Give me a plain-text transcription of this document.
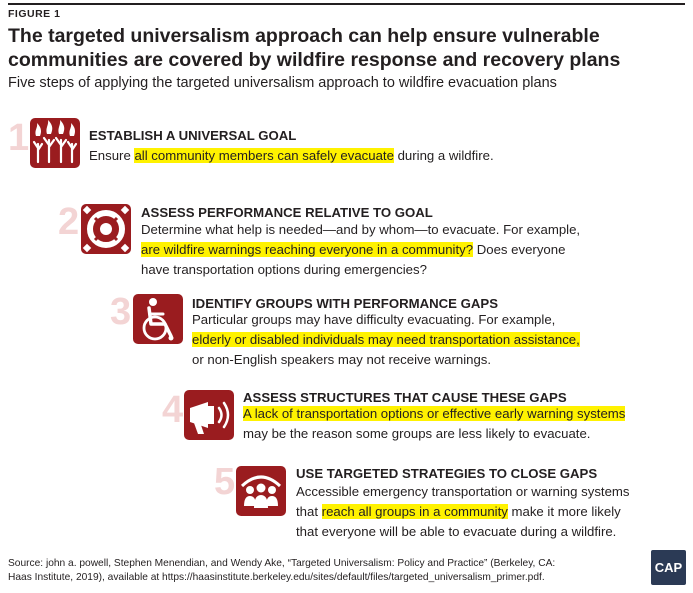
FIGURE 1
The targeted universalism approach can help ensure vulnerable
communities are covered by wildfire response and recovery plans
Five steps of applying the targeted universalism approach to wildfire evacuation plans
1	ESTABLISH A UNIVERSAL GOAL
Ensure all community members can safely evacuate during a wildfire.
2	ASSESS PERFORMANCE RELATIVE TO GOAL
Determine what help is needed—and by whom—to evacuate. For example,
are wildfire warnings reaching everyone in a community? Does everyone
have transportation options during emergencies?
3	IDENTIFY GROUPS WITH PERFORMANCE GAPS
Particular groups may have difficulty evacuating. For example,
elderly or disabled individuals may need transportation assistance,
or non-English speakers may not receive warnings.
4	ASSESS STRUCTURES THAT CAUSE THESE GAPS
A lack of transportation options or effective early warning systems
may be the reason some groups are less likely to evacuate.
5	USE TARGETED STRATEGIES TO CLOSE GAPS
Accessible emergency transportation or warning systems
that reach all groups in a community make it more likely
that everyone will be able to evacuate during a wildfire.
Source: john a. powell, Stephen Menendian, and Wendy Ake, “Targeted Universalism: Policy and Practice” (Berkeley, CA:
Haas Institute, 2019), available at https://haasinstitute.berkeley.edu/sites/default/files/targeted_universalism_primer.pdf.
CAP
